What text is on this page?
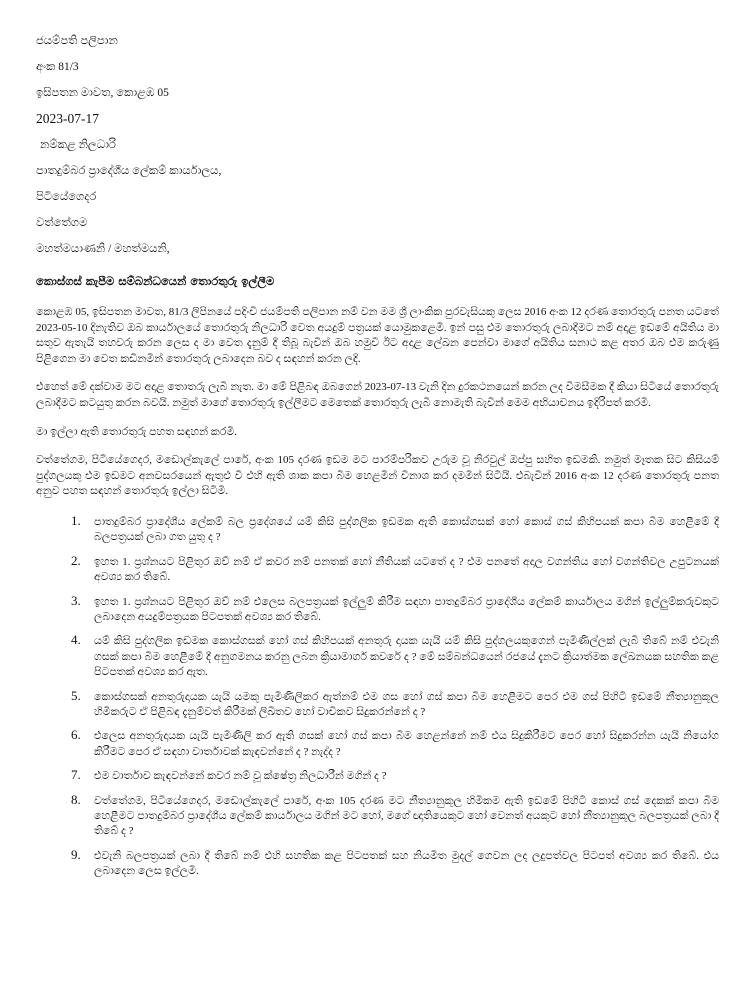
ජයම්පති පලිපාන
අංක 81/3
ඉසිපතන මාවත, කොළඹ 05
2023-07-17
නම්කළ නිලධාරි
පාතදුම්බර ප්‍රාදේශීය ලේකම් කාර්යාලය,
පිටියේගෙදර
වත්තේගම
මහත්මයාණනි / මහත්මයනි,
කොස්ගස් කැපීම සම්බන්ධයෙන් තොරතුරු ඉල්ලීම

කොළඹ 05, ඉසිපතන මාවත, 81/3 ලිපිනයේ පදිංචි ජයම්පති පලිපාන නම් වන මම ශ්‍රී ලාංකික පුරවැසියකු ලෙස 2016 අංක 12 දරණ තොරතුරු පනත යටතේ 2023-05-10 දිනැතිව ඔබ කාර්යාලයේ තොරතුරු නිලධාරි වෙත අයදුම් පත්‍රයක් යොමුකළෙමි. ඉන් පසු එම තොරතුරු ලබාදීමට නම් අදාළ ඉඩමේ අයිතිය මා සතුව ඇතැයි තහවරු කරන ලෙස ද මා වෙත දැනුම් දී තිබූ බැවින් ඔබ හමුවී ඊට අදාළ ලේඛන පෙන්වා මාගේ අයිතිය සනාථ කළ අතර ඔබ එම කරුණු පිළිගෙන මා වෙත කඩිනමින් තොරතුරු ලබාදෙන බව ද සඳහන් කරන ලදි.

එහෙත් මේ දක්වාම මට අදාළ තොතරු ලැබී නැත. මා මේ පිළිබඳ ඔබගෙන් 2023-07-13 වැනි දින දුරකථනයෙන් කරන ලද විමසීමක දී කියා සිටියේ තොරතුරු ලබාදීමට කටයුතු කරන බවයි. නමුත් මාගේ තොරතුරු ඉල්ලීමට මෙතෙක් තොරතුරු ලැබී නොමැති බැවින් මෙම අභියාචනය ඉදිරිපත් කරමි.

මා ඉල්ලා ඇති තොරතුරු පහත සඳහන් කරමි.

වත්තේගම, පිටියේගෙදර, මඩොල්කැලේ පාරේ, අංක 105 දරණ ඉඩම මට පාරම්පරිකව උරුම වූ නිරවුල් ඔප්පු සහිත ඉඩමකි. නමුත් මෑතක සිට කිසියම් පුද්ගලයකු එම ඉඩමට අනවසරයෙන් ඇතුළු වී එහි ඇති ශාක කපා බිම හෙළමින් විනාශ කර දමමින් සිටියි. එබැවින් 2016 අංක 12 දරණ තොරතුරු පනත අනුව පහත සඳහන් තොරතුරු ඉල්ලා සිටිමි.

1. පාතදුම්බර ප්‍රාදේශීය ලේකම් බල ප්‍රදේශයේ යම් කිසි පුද්ගලික ඉඩමක ඇති කොස්ගසක් හෝ කොස් ගස් කිහිපයක් කපා බිම හෙළීමේ දී බලපත්‍රයක් ලබා ගත යුතු ද ?
2. ඉහත 1. ප්‍රශ්නයට පිළිතුර ඔව් නම් ඒ කවර නම් පනතක් හෝ නීතියක් යටතේ ද ? එම පනතේ අදාල වගන්තිය හෝ වගන්තිවල උපුටනයක් අවශ්‍ය කර තිබේ.
3. ඉහත 1. ප්‍රශ්නයට පිළිතුර ඔව් නම් එලෙස බලපත්‍රයක් ඉල්ලුම් කිරීම සඳහා පාතදුම්බර ප්‍රාදේශීය ලේකම් කාර්යාලය මගින් ඉල්ලුම්කරුවකුට ලබාදෙන අයදුම්පත්‍රයක පිටපතක් අවශ්‍ය කර තිබේ.
4. යම් කිසි පුද්ගලික ඉඩමක කොස්ගසක් හෝ ගස් කිහිපයක් අනතුරු දායක යැයි යම් කිසි පුද්ගලයකුගෙන් පැමිණිල්ලක් ලැබී තිබේ නම් එවැනි ගසක් කපා බිම හෙළීමේ දී අනුගමනය කරනු ලබන ක්‍රියාමාර්ග කවරේ ද ? මේ සම්බන්ධයෙන් රජයේ දැනට ක්‍රියාත්මක ලේඛනයක සහතික කළ පිටපතක් අවශ්‍ය කර ඇත.
5. කොස්ගසක් අනතුරුදායක යැයි යමකු පැමිණිලිකර ඇත්නම් එම ගස හෝ ගස් කපා බිම හෙළීමට පෙර එම ගස් පිහිටි ඉඩමේ නීත්‍යානුකූල හිමිකරුට ඒ පිළිබඳ දැනුම්වත් කිරීමක් ලිඛිතව හෝ වාචිකව සිදුකරන්නේ ද ?
6. එලෙස අනතුරුදායක යැයි පැමිණිලි කර ඇති ගසක් හෝ ගස් කපා බිම හෙළන්නේ නම් එය සිදුකිරීමට පෙර හෝ සිදුකරන්න යැයි නියෝග කිරීමට පෙර ඒ සඳහා වාර්තාවක් කැඳවන්නේ ද ? නැද්ද ?
7. එම වාර්තාව කැඳවන්නේ කවර නම් වූ ක්ෂේත්‍ර නිලධාරීන් මගින් ද ?
8. වත්තේගම, පිටියේගෙදර, මඩොල්කැලේ පාරේ, අංක 105 දරණ මට නීත්‍යානුකූල හිමිකම ඇති ඉඩමේ පිහිටි කොස් ගස් දෙකක් කපා බිම හෙළීමට පාතදුම්බර ප්‍රාදේශීය ලේකම් කාර්යාලය මගින් මට හෝ, මගේ ඥාතියෙකුට හෝ වෙනත් අයකුට හෝ නීත්‍යානුකූල බලපත්‍රයක් ලබා දී තිබේ ද ?
9. එවැනි බලපත්‍රයක් ලබා දී තිබේ නම් එහි සහතික කළ පිටපතක් සහ නියමිත මුදල් ගෙවන ලද ලදුපත්වල පිටපත් අවශ්‍ය කර තිබේ. එය ලබාදෙන ලෙස ඉල්ලමි.
